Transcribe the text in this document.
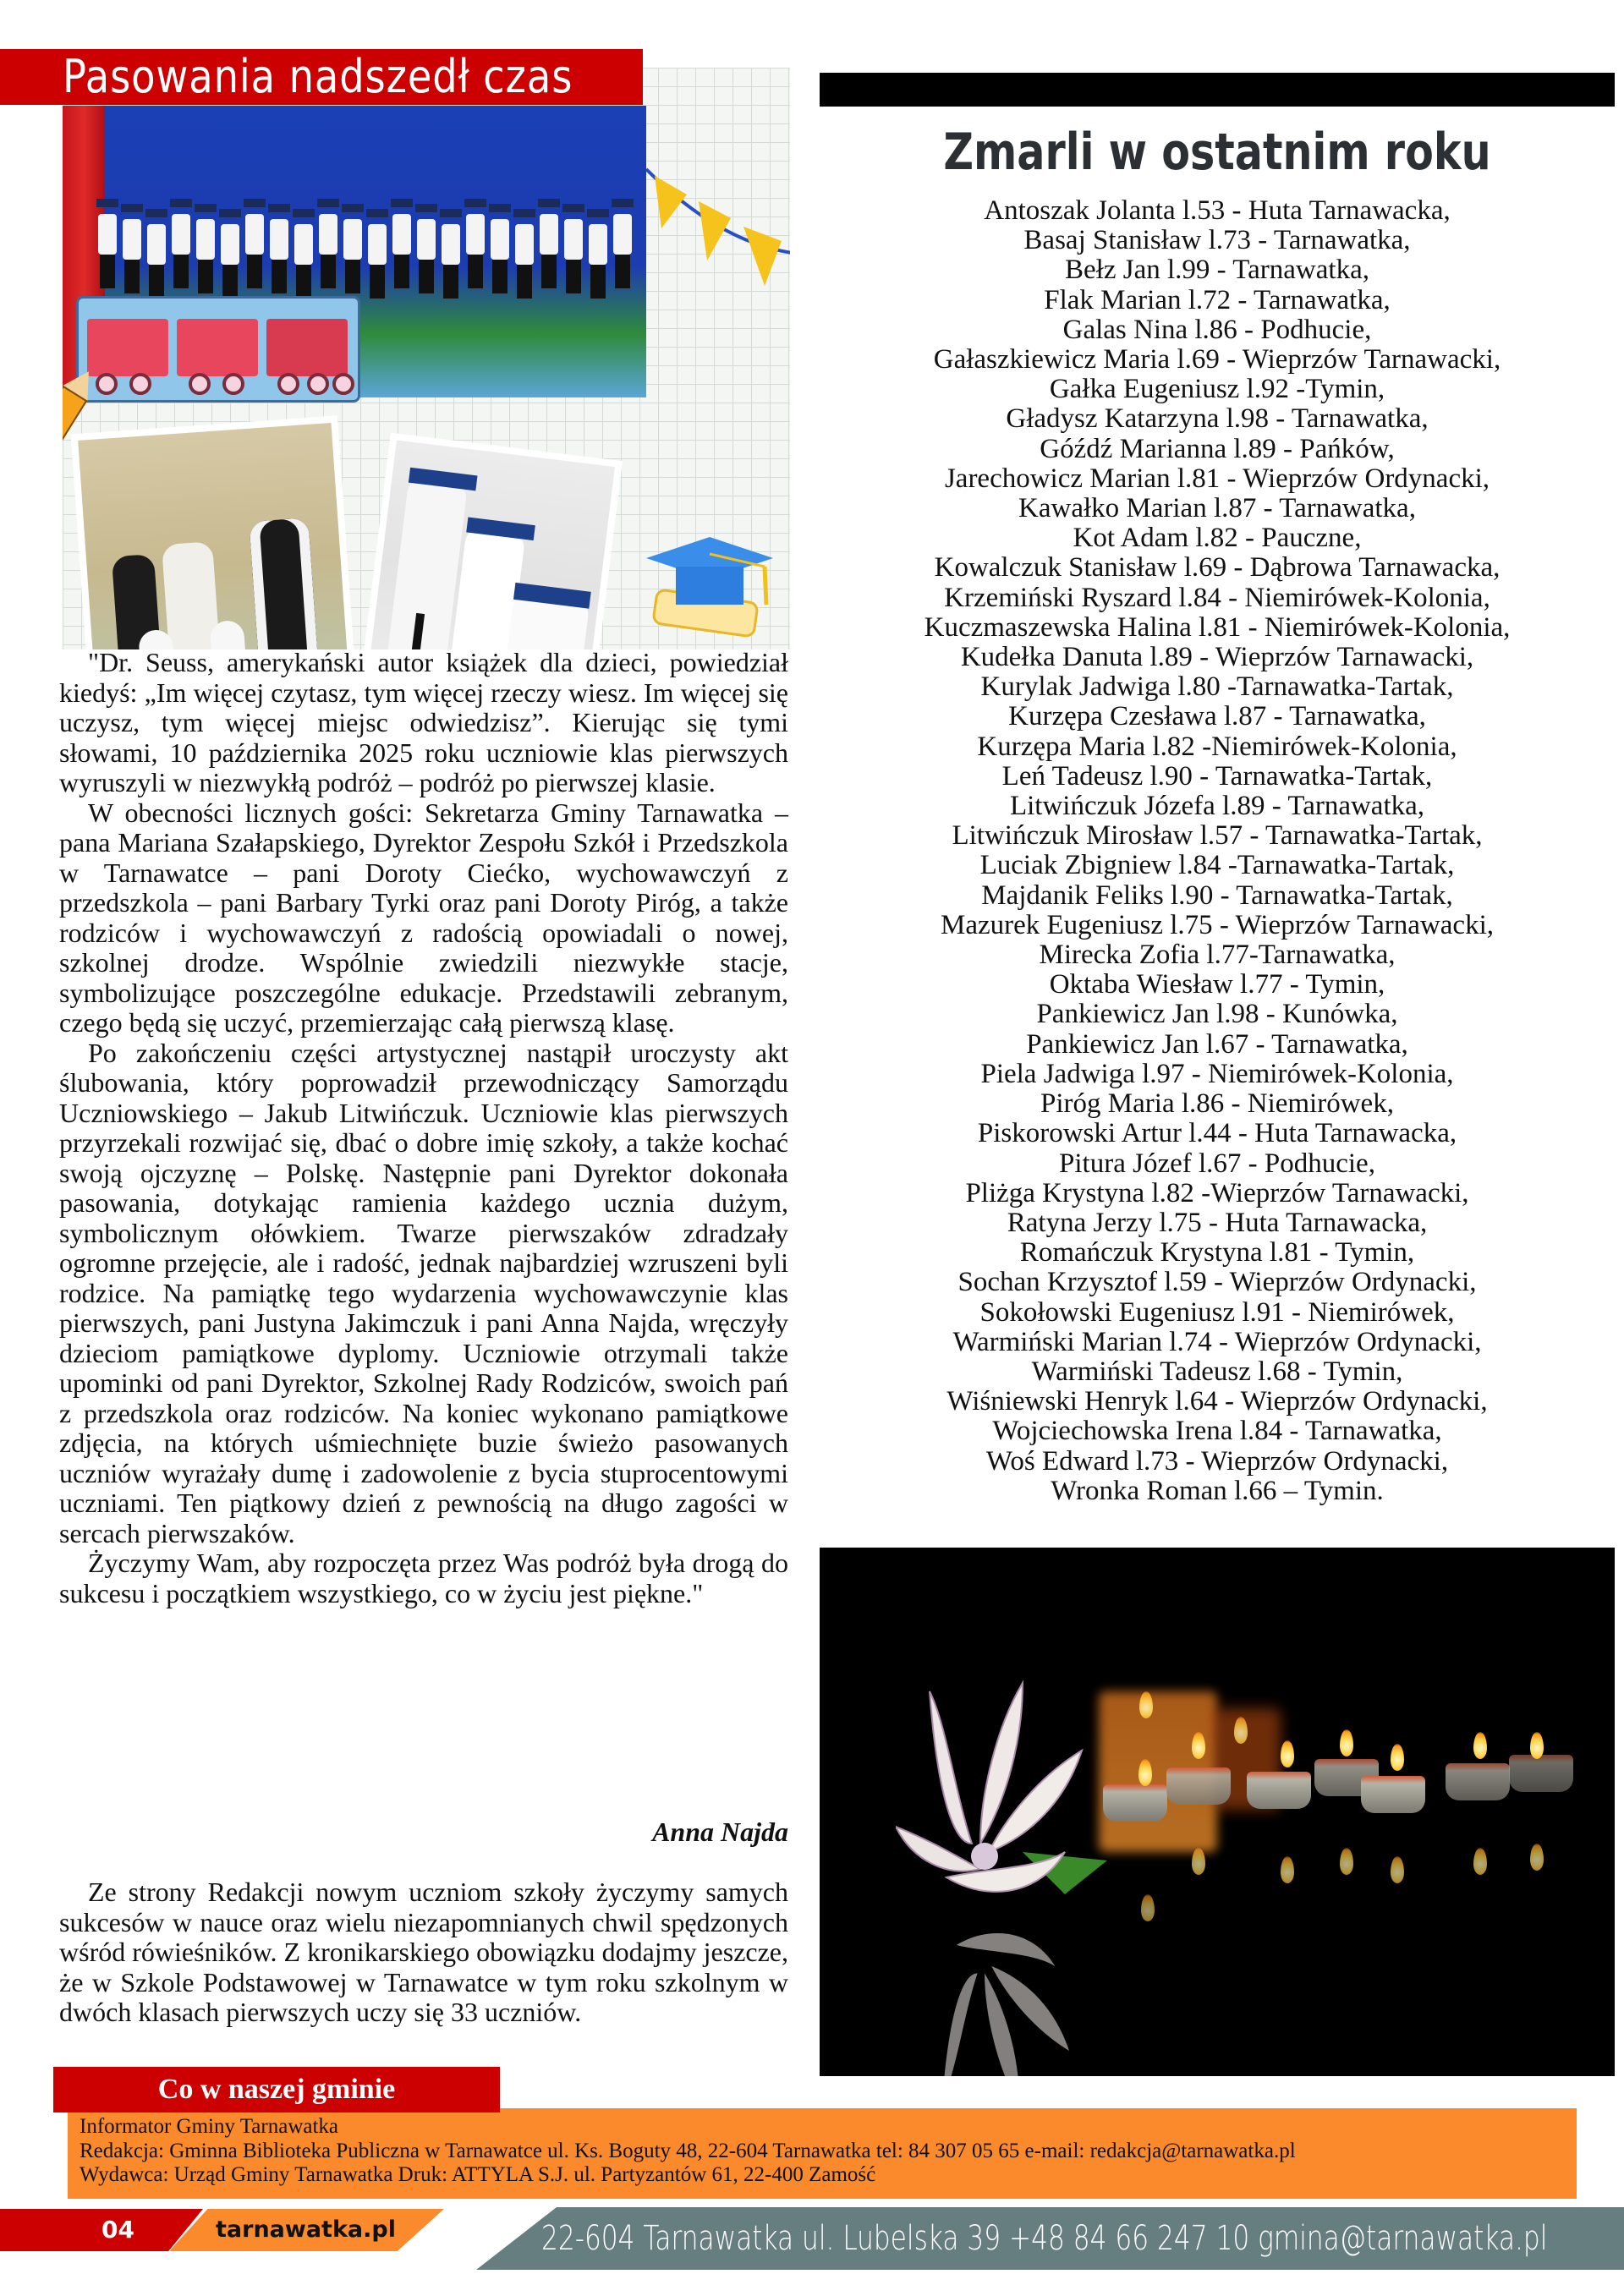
Pasowania nadszedł czas

"Dr. Seuss, amerykański autor książek dla dzieci, powiedział kiedyś: „Im więcej czytasz, tym więcej rzeczy wiesz. Im więcej się uczysz, tym więcej miejsc odwiedzisz”. Kierując się tymi słowami, 10 października 2025 roku uczniowie klas pierwszych wyruszyli w niezwykłą podróż – podróż po pierwszej klasie.

W obecności licznych gości: Sekretarza Gminy Tarnawatka – pana Mariana Szałapskiego, Dyrektor Zespołu Szkół i Przedszkola w Tarnawatce – pani Doroty Ciećko, wychowawczyń z przedszkola – pani Barbary Tyrki oraz pani Doroty Piróg, a także rodziców i wychowawczyń z radością opowiadali o nowej, szkolnej drodze. Wspólnie zwiedzili niezwykłe stacje, symbolizujące poszczególne edukacje. Przedstawili zebranym, czego będą się uczyć, przemierzając całą pierwszą klasę.

Po zakończeniu części artystycznej nastąpił uroczysty akt ślubowania, który poprowadził przewodniczący Samorządu Uczniowskiego – Jakub Litwińczuk. Uczniowie klas pierwszych przyrzekali rozwijać się, dbać o dobre imię szkoły, a także kochać swoją ojczyznę – Polskę. Następnie pani Dyrektor dokonała pasowania, dotykając ramienia każdego ucznia dużym, symbolicznym ołówkiem. Twarze pierwszaków zdradzały ogromne przejęcie, ale i radość, jednak najbardziej wzruszeni byli rodzice. Na pamiątkę tego wydarzenia wychowawczynie klas pierwszych, pani Justyna Jakimczuk i pani Anna Najda, wręczyły dzieciom pamiątkowe dyplomy. Uczniowie otrzymali także upominki od pani Dyrektor, Szkolnej Rady Rodziców, swoich pań z przedszkola oraz rodziców. Na koniec wykonano pamiątkowe zdjęcia, na których uśmiechnięte buzie świeżo pasowanych uczniów wyrażały dumę i zadowolenie z bycia stuprocentowymi uczniami. Ten piątkowy dzień z pewnością na długo zagości w sercach pierwszaków.

Życzymy Wam, aby rozpoczęta przez Was podróż była drogą do sukcesu i początkiem wszystkiego, co w życiu jest piękne."

Anna Najda

Ze strony Redakcji nowym uczniom szkoły życzymy samych sukcesów w nauce oraz wielu niezapomnianych chwil spędzonych wśród rówieśników. Z kronikarskiego obowiązku dodajmy jeszcze, że w Szkole Podstawowej w Tarnawatce w tym roku szkolnym w dwóch klasach pierwszych uczy się 33 uczniów.

Zmarli w ostatnim roku
Antoszak Jolanta l.53 - Huta Tarnawacka,
Basaj Stanisław l.73 - Tarnawatka,
Bełz Jan l.99 - Tarnawatka,
Flak Marian l.72 - Tarnawatka,
Galas Nina l.86 - Podhucie,
Gałaszkiewicz Maria l.69 - Wieprzów Tarnawacki,
Gałka Eugeniusz l.92 -Tymin,
Gładysz Katarzyna l.98 - Tarnawatka,
Góźdź Marianna l.89 - Pańków,
Jarechowicz Marian l.81 - Wieprzów Ordynacki,
Kawałko Marian l.87 - Tarnawatka,
Kot Adam l.82 - Pauczne,
Kowalczuk Stanisław l.69 - Dąbrowa Tarnawacka,
Krzemiński Ryszard l.84 - Niemirówek-Kolonia,
Kuczmaszewska Halina l.81 - Niemirówek-Kolonia,
Kudełka Danuta l.89 - Wieprzów Tarnawacki,
Kurylak Jadwiga l.80 -Tarnawatka-Tartak,
Kurzępa Czesława l.87 - Tarnawatka,
Kurzępa Maria l.82 -Niemirówek-Kolonia,
Leń Tadeusz l.90 - Tarnawatka-Tartak,
Litwińczuk Józefa l.89 - Tarnawatka,
Litwińczuk Mirosław l.57 - Tarnawatka-Tartak,
Luciak Zbigniew l.84 -Tarnawatka-Tartak,
Majdanik Feliks l.90 - Tarnawatka-Tartak,
Mazurek Eugeniusz l.75 - Wieprzów Tarnawacki,
Mirecka Zofia l.77-Tarnawatka,
Oktaba Wiesław l.77 - Tymin,
Pankiewicz Jan l.98 - Kunówka,
Pankiewicz Jan l.67 - Tarnawatka,
Piela Jadwiga l.97 - Niemirówek-Kolonia,
Piróg Maria l.86 - Niemirówek,
Piskorowski Artur l.44 - Huta Tarnawacka,
Pitura Józef l.67 - Podhucie,
Pliżga Krystyna l.82 -Wieprzów Tarnawacki,
Ratyna Jerzy l.75 - Huta Tarnawacka,
Romańczuk Krystyna l.81 - Tymin,
Sochan Krzysztof l.59 - Wieprzów Ordynacki,
Sokołowski Eugeniusz l.91 - Niemirówek,
Warmiński Marian l.74 - Wieprzów Ordynacki,
Warmiński Tadeusz l.68 - Tymin,
Wiśniewski Henryk l.64 - Wieprzów Ordynacki,
Wojciechowska Irena l.84 - Tarnawatka,
Woś Edward l.73 - Wieprzów Ordynacki,
Wronka Roman l.66 – Tymin.
Informator Gminy Tarnawatka
Redakcja: Gminna Biblioteka Publiczna w Tarnawatce ul. Ks. Boguty 48, 22-604 Tarnawatka tel: 84 307 05 65 e-mail: redakcja@tarnawatka.pl
Wydawca: Urząd Gminy Tarnawatka Druk: ATTYLA S.J. ul. Partyzantów 61, 22-400 Zamość
Co w naszej gminie
04	tarnawatka.pl	22-604 Tarnawatka ul. Lubelska 39 +48 84 66 247 10 gmina@tarnawatka.pl
